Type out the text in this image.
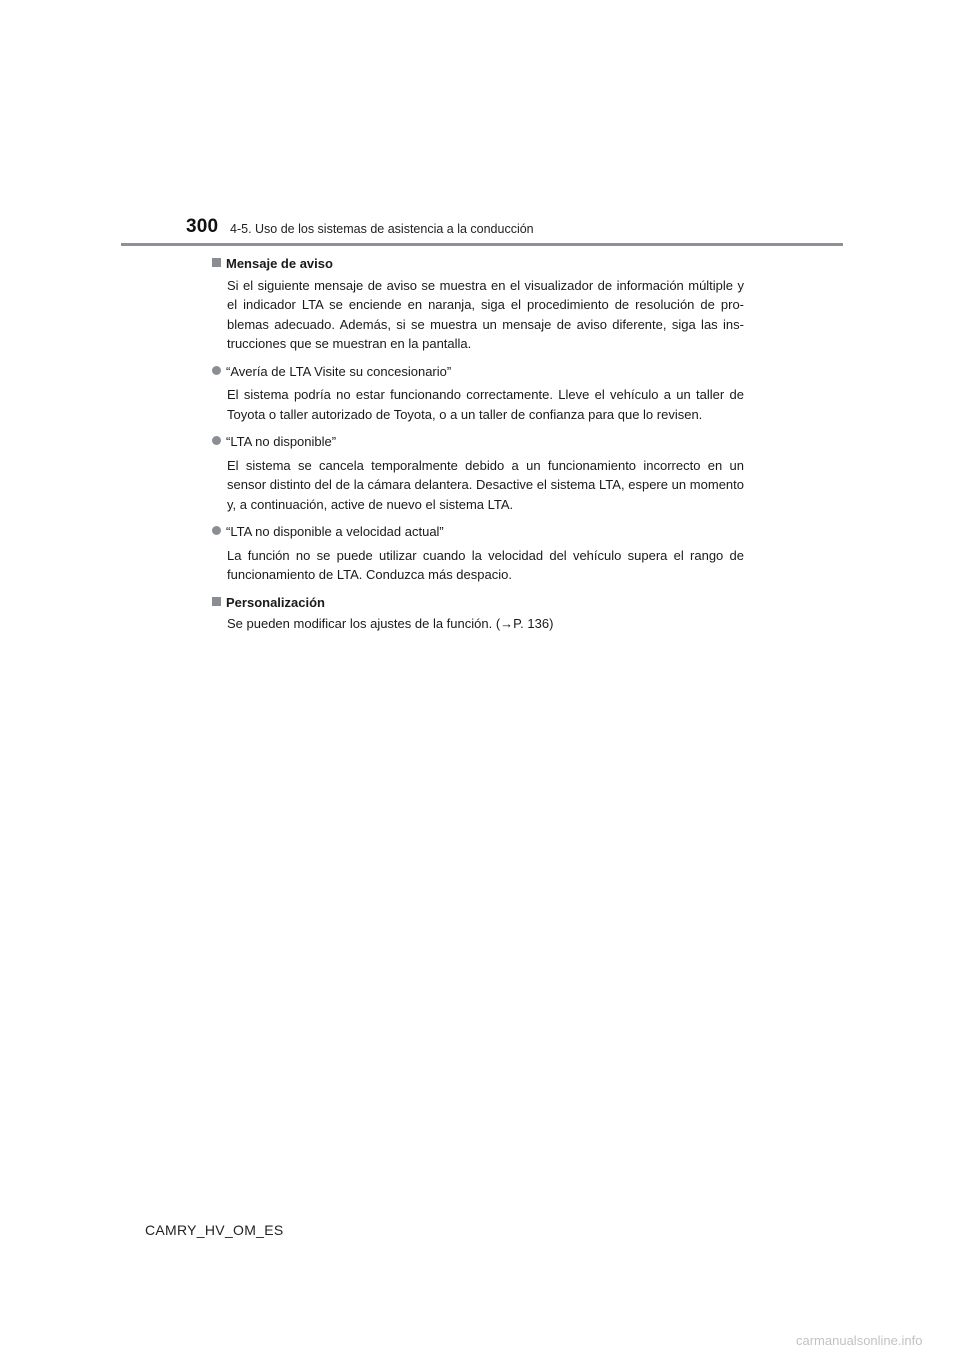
300 4-5. Uso de los sistemas de asistencia a la conducción
Mensaje de aviso

Si el siguiente mensaje de aviso se muestra en el visualizador de información múltiple y el indicador LTA se enciende en naranja, siga el procedimiento de resolución de pro-blemas adecuado. Además, si se muestra un mensaje de aviso diferente, siga las ins-trucciones que se muestran en la pantalla.

“Avería de LTA Visite su concesionario”

El sistema podría no estar funcionando correctamente. Lleve el vehículo a un taller de Toyota o taller autorizado de Toyota, o a un taller de confianza para que lo revisen.

“LTA no disponible”

El sistema se cancela temporalmente debido a un funcionamiento incorrecto en un sensor distinto del de la cámara delantera. Desactive el sistema LTA, espere un momento y, a continuación, active de nuevo el sistema LTA.

“LTA no disponible a velocidad actual”

La función no se puede utilizar cuando la velocidad del vehículo supera el rango de funcionamiento de LTA. Conduzca más despacio.

Personalización

Se pueden modificar los ajustes de la función. (→P. 136)

CAMRY_HV_OM_ES
carmanualsonline.info
